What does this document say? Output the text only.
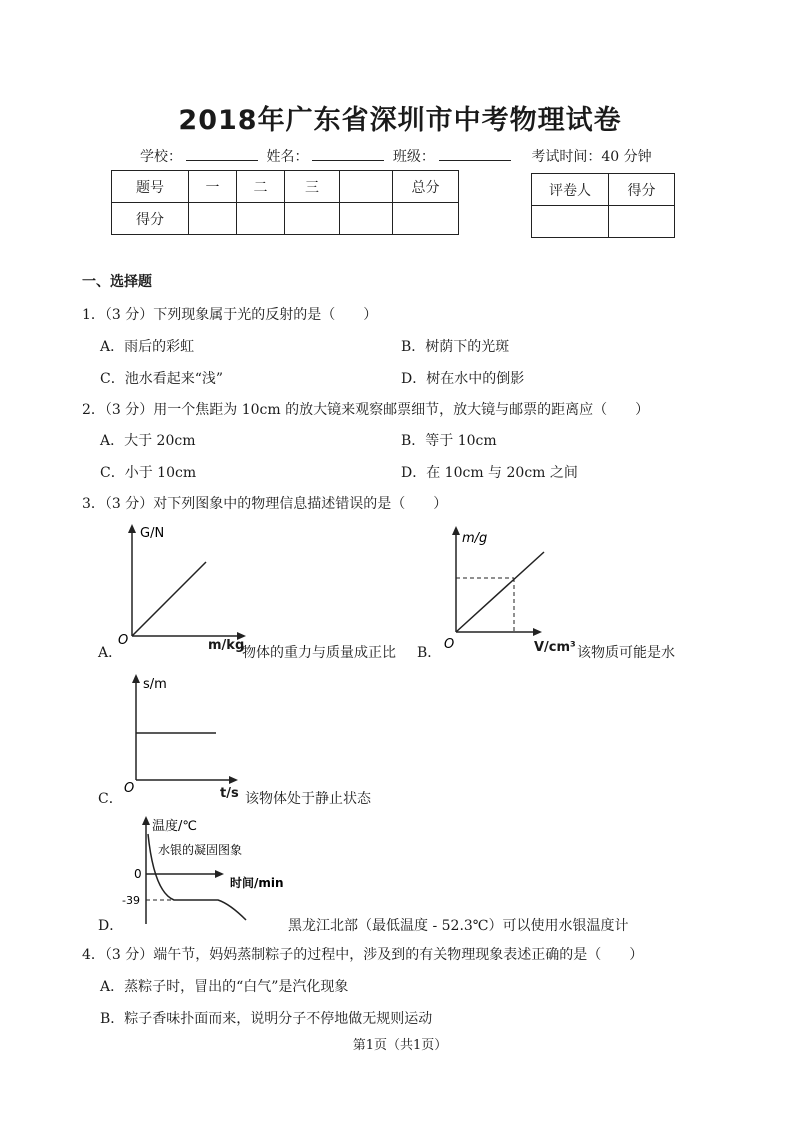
2018年广东省深圳市中考物理试卷
学校：	姓名：	班级：	考试时间：40 分钟
题号	一	二	三		总分
得分					
评卷人	得分

一、选择题
1．（3 分）下列现象属于光的反射的是（　　）
A．雨后的彩虹	B．树荫下的光斑
C．池水看起来“浅”	D．树在水中的倒影
2．（3 分）用一个焦距为 10cm 的放大镜来观察邮票细节，放大镜与邮票的距离应（　　）
A．大于 20cm	B．等于 10cm
C．小于 10cm	D．在 10cm 与 20cm 之间
3．（3 分）对下列图象中的物理信息描述错误的是（　　）
A．
G/N
O	m/kg
物体的重力与质量成正比 B．
m/g
O	V/cm³ 该物质可能是水
C．
s/m
O	t/s 该物体处于静止状态
D．
温度/℃
水银的凝固图象
时间/min
0
-39
黑龙江北部（最低温度 - 52.3℃）可以使用水银温度计
4．（3 分）端午节，妈妈蒸制粽子的过程中，涉及到的有关物理现象表述正确的是（　　）
A．蒸粽子时，冒出的“白气”是汽化现象
B．粽子香味扑面而来，说明分子不停地做无规则运动
第1页（共1页）
